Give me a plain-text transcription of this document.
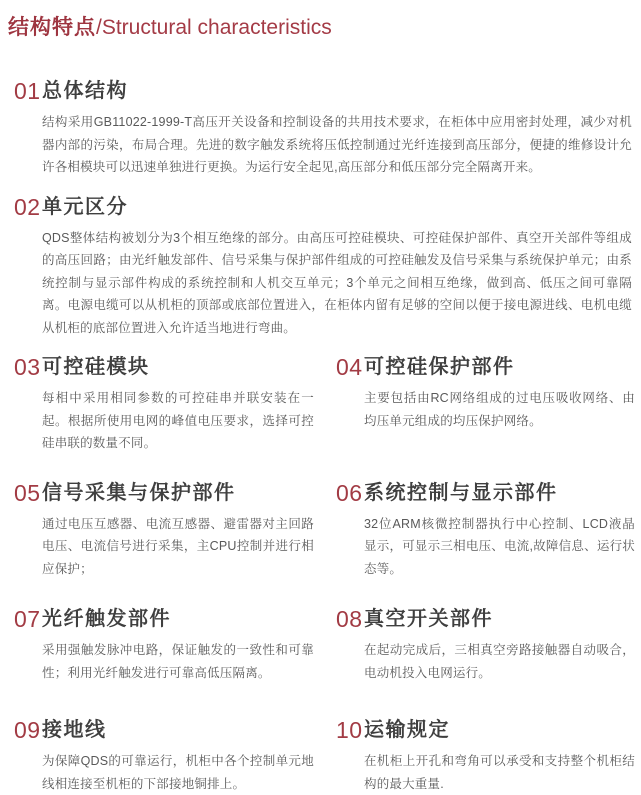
结构特点/Structural characteristics
01 总体结构

结构采用GB11022-1999-T高压开关设备和控制设备的共用技术要求，在柜体中应用密封处理，减少对机器内部的污染，布局合理。先进的数字触发系统将压低控制通过光纤连接到高压部分，便捷的维修设计允许各相模块可以迅速单独进行更换。为运行安全起见,高压部分和低压部分完全隔离开来。

02 单元区分

QDS整体结构被划分为3个相互绝缘的部分。由高压可控硅模块、可控硅保护部件、真空开关部件等组成的高压回路；由光纤触发部件、信号采集与保护部件组成的可控硅触发及信号采集与系统保护单元；由系统控制与显示部件构成的系统控制和人机交互单元；3个单元之间相互绝缘，做到高、低压之间可靠隔离。电源电缆可以从机柜的顶部或底部位置进入，在柜体内留有足够的空间以便于接电源进线、电机电缆从机柜的底部位置进入允许适当地进行弯曲。

03 可控硅模块

每相中采用相同参数的可控硅串并联安装在一起。根据所使用电网的峰值电压要求，选择可控硅串联的数量不同。

04 可控硅保护部件

主要包括由RC网络组成的过电压吸收网络、由均压单元组成的均压保护网络。

05 信号采集与保护部件

通过电压互感器、电流互感器、避雷器对主回路电压、电流信号进行采集，主CPU控制并进行相应保护；

06 系统控制与显示部件

32位ARM核微控制器执行中心控制、LCD液晶显示，可显示三相电压、电流,故障信息、运行状态等。

07 光纤触发部件

采用强触发脉冲电路，保证触发的一致性和可靠性；利用光纤触发进行可靠高低压隔离。

08 真空开关部件

在起动完成后，三相真空旁路接触器自动吸合，电动机投入电网运行。

09 接地线

为保障QDS的可靠运行，机柜中各个控制单元地线相连接至机柜的下部接地铜排上。

10 运输规定

在机柜上开孔和弯角可以承受和支持整个机柜结构的最大重量.
